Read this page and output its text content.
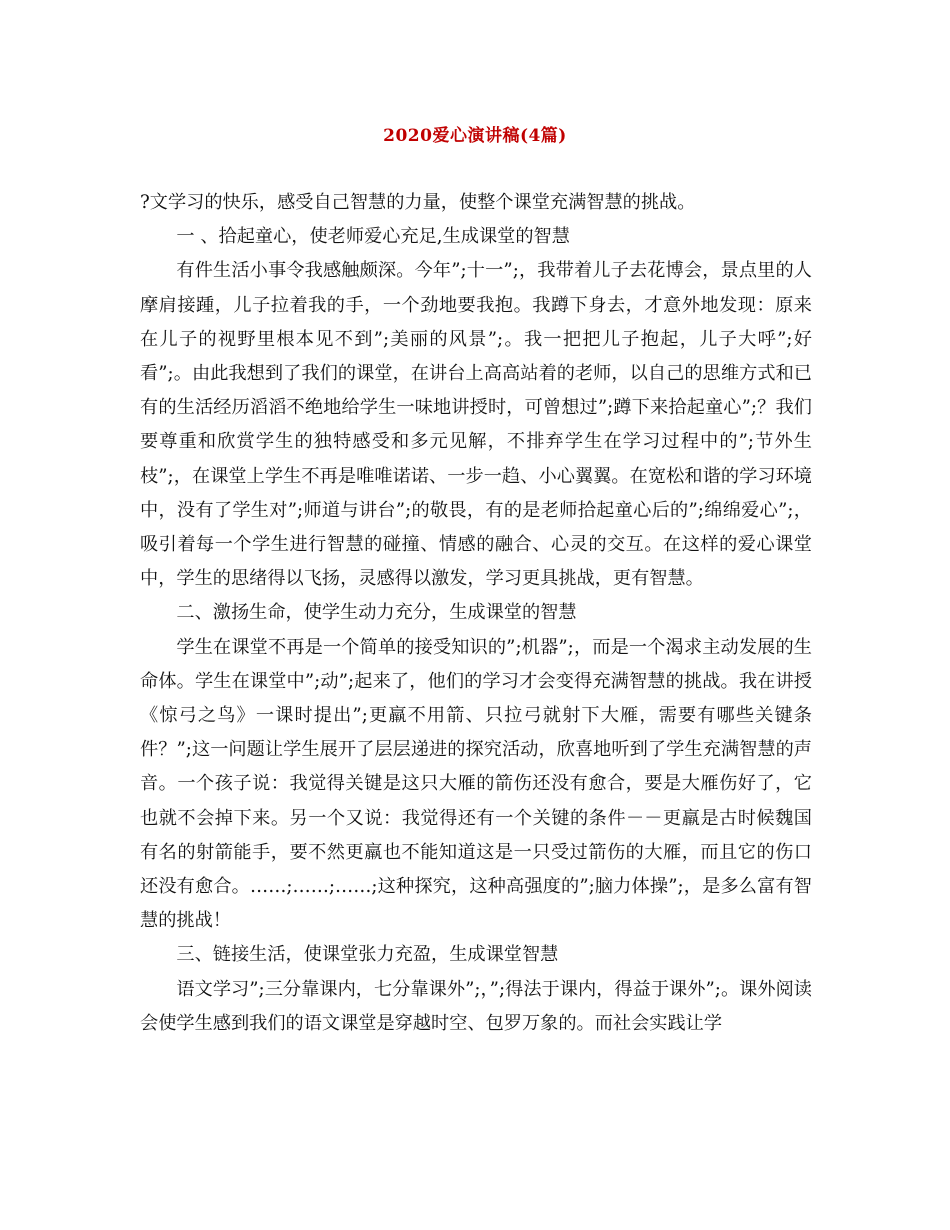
2020爱心演讲稿(4篇)

?文学习的快乐，感受自己智慧的力量，使整个课堂充满智慧的挑战。

一 、拾起童心，使老师爱心充足,生成课堂的智慧

有件生活小事令我感触颇深。今年”;十一”;，我带着儿子去花博会，景点里的人摩肩接踵，儿子拉着我的手，一个劲地要我抱。我蹲下身去，才意外地发现：原来在儿子的视野里根本见不到”;美丽的风景”;。我一把把儿子抱起，儿子大呼”;好看”;。由此我想到了我们的课堂，在讲台上高高站着的老师，以自己的思维方式和已有的生活经历滔滔不绝地给学生一味地讲授时，可曾想过”;蹲下来拾起童心”;？我们要尊重和欣赏学生的独特感受和多元见解，不排弃学生在学习过程中的”;节外生枝”;，在课堂上学生不再是唯唯诺诺、一步一趋、小心翼翼。在宽松和谐的学习环境中，没有了学生对”;师道与讲台”;的敬畏，有的是老师拾起童心后的”;绵绵爱心”;，吸引着每一个学生进行智慧的碰撞、情感的融合、心灵的交互。在这样的爱心课堂中，学生的思绪得以飞扬，灵感得以激发，学习更具挑战，更有智慧。

二、激扬生命，使学生动力充分，生成课堂的智慧

学生在课堂不再是一个简单的接受知识的”;机器”;，而是一个渴求主动发展的生命体。学生在课堂中”;动”;起来了，他们的学习才会变得充满智慧的挑战。我在讲授《惊弓之鸟》一课时提出”;更羸不用箭、只拉弓就射下大雁，需要有哪些关键条件？”;这一问题让学生展开了层层递进的探究活动，欣喜地听到了学生充满智慧的声音。一个孩子说：我觉得关键是这只大雁的箭伤还没有愈合，要是大雁伤好了，它也就不会掉下来。另一个又说：我觉得还有一个关键的条件－－更羸是古时候魏国有名的射箭能手，要不然更羸也不能知道这是一只受过箭伤的大雁，而且它的伤口还没有愈合。……;……;……;这种探究，这种高强度的”;脑力体操”;，是多么富有智慧的挑战！

三、链接生活，使课堂张力充盈，生成课堂智慧

语文学习”;三分靠课内，七分靠课外”;，”;得法于课内，得益于课外”;。课外阅读会使学生感到我们的语文课堂是穿越时空、包罗万象的。而社会实践让学
